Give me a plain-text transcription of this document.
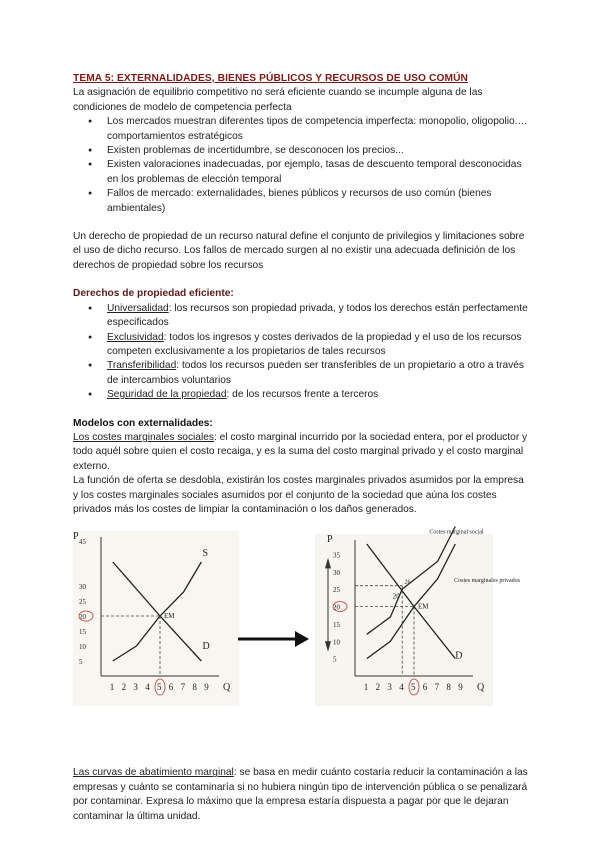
TEMA 5: EXTERNALIDADES, BIENES PÚBLICOS Y RECURSOS DE USO COMÚN

La asignación de equilibrio competitivo no será eficiente cuando se incumple alguna de las condiciones de modelo de competencia perfecta

● Los mercados muestran diferentes tipos de competencia imperfecta: monopolio, oligopolio.… comportamientos estratégicos
● Existen problemas de incertidumbre, se desconocen los precios...
● Existen valoraciones inadecuadas, por ejemplo, tasas de descuento temporal desconocidas en los problemas de elección temporal
● Fallos de mercado: externalidades, bienes públicos y recursos de uso común (bienes ambientales)

Un derecho de propiedad de un recurso natural define el conjunto de privilegios y limitaciones sobre el uso de dicho recurso. Los fallos de mercado surgen al no existir una adecuada definición de los derechos de propiedad sobre los recursos

Derechos de propiedad eficiente:
● Universalidad: los recursos son propiedad privada, y todos los derechos están perfectamente especificados
● Exclusividad: todos los ingresos y costes derivados de la propiedad y el uso de los recursos competen exclusivamente a los propietarios de tales recursos
● Transferibilidad: todos los recursos pueden ser transferibles de un propietario a otro a través de intercambios voluntarios
● Seguridad de la propiedad: de los recursos frente a terceros
Modelos con externalidades:

Los costes marginales sociales: el costo marginal incurrido por la sociedad entera, por el productor y todo aquél sobre quien el costo recaiga, y es la suma del costo marginal privado y el costo marginal externo.

La función de oferta se desdobla, existirán los costes marginales privados asumidos por la empresa y los costes marginales sociales asumidos por el conjunto de la sociedad que aúna los costes privados más los costes de limpiar la contaminación o los daños generados.

P
Q
1 2 3 4 5 6 7 8 9
45
30
25
20
15
10
5
S
D
EM
P
Q
1 2 3 4 5 6 7 8 9
35
30
25
20
15
10
5
Costes marginal social
Costes marginales privados
D
EM
26
20

Las curvas de abatimiento marginal: se basa en medir cuánto costaría reducir la contaminación a las empresas y cuánto se contaminaría si no hubiera ningún tipo de intervención pública o se penalizará por contaminar. Expresa lo máximo que la empresa estaría dispuesta a pagar por que le dejaran contaminar la última unidad.
